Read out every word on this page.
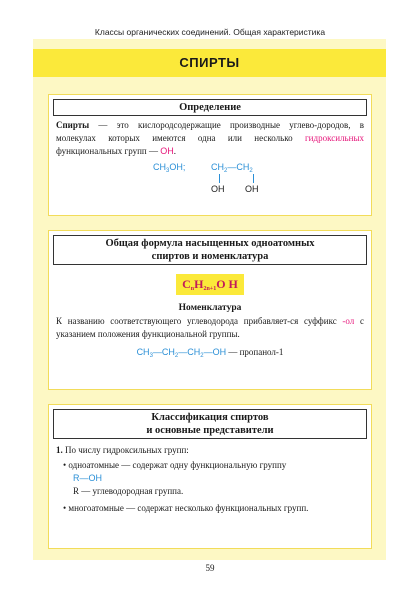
Классы органических соединений. Общая характеристика
СПИРТЫ
Определение
Спирты — это кислородсодержащие производные углево-дородов, в молекулах которых имеются одна или несколько гидроксильных функциональных групп — OH.
$CH_3OH$;	$CH_2—CH_2$
OH OH
Общая формула насыщенных одноатомных
спиртов и номенклатура
$C_nH_{2n+1}O$ H
Номенклатура
К названию соответствующего углеводорода прибавляет-ся суффикс -ол с указанием положения функциональной группы.
$CH_3—CH_2—CH_2—OH$ — пропанол-1
Классификация спиртов
и основные представители
1. По числу гидроксильных групп:
• одноатомные — содержат одну функциональную группу
R—OH
R — углеводородная группа.
• многоатомные — содержат несколько функциональных групп.
59
